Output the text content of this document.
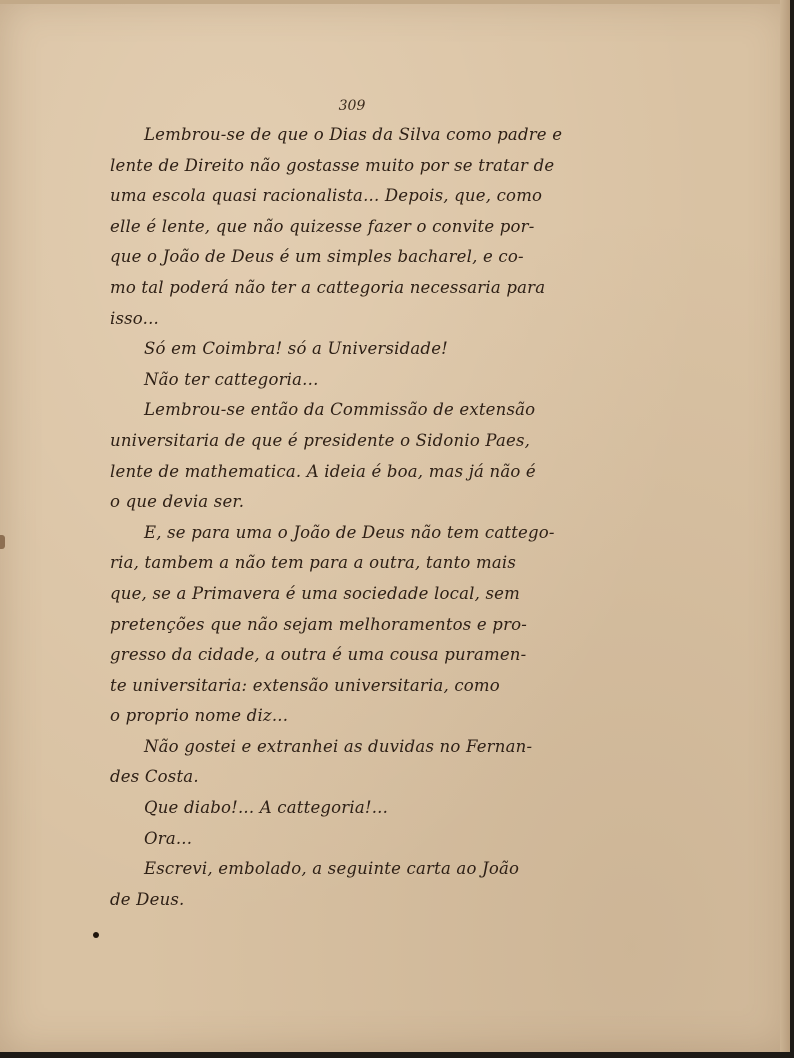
309
Lembrou-se de que o Dias da Silva como padre e
lente de Direito não gostasse muito por se tratar de
uma escola quasi racionalista... Depois, que, como
elle é lente, que não quizesse fazer o convite por-
que o João de Deus é um simples bacharel, e co-
mo tal poderá não ter a cattegoria necessaria para
isso...
Só em Coimbra! só a Universidade!
Não ter cattegoria...
Lembrou-se então da Commissão de extensão
universitaria de que é presidente o Sidonio Paes,
lente de mathematica. A ideia é boa, mas já não é
o que devia ser.
E, se para uma o João de Deus não tem cattego-
ria, tambem a não tem para a outra, tanto mais
que, se a Primavera é uma sociedade local, sem
pretenções que não sejam melhoramentos e pro-
gresso da cidade, a outra é uma cousa puramen-
te universitaria: extensão universitaria, como
o proprio nome diz...
Não gostei e extranhei as duvidas no Fernan-
des Costa.
Que diabo!... A cattegoria!...
Ora...
Escrevi, embolado, a seguinte carta ao João
de Deus.
